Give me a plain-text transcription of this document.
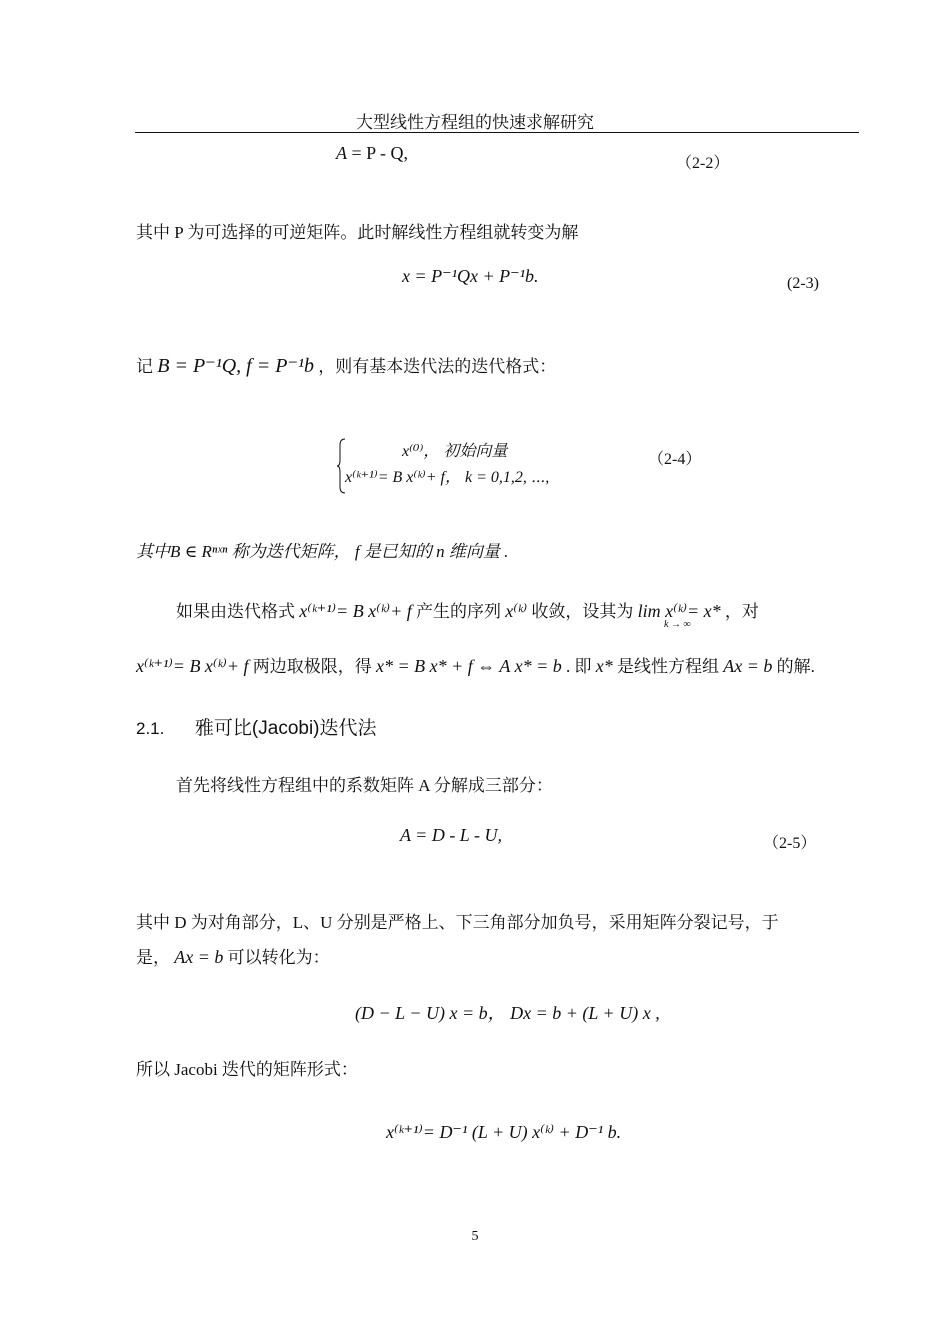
大型线性方程组的快速求解研究
A = P - Q,
（2-2）
其中 P 为可选择的可逆矩阵。此时解线性方程组就转变为解
x = P⁻¹Qx + P⁻¹b.	(2-3)
记 B = P⁻¹Q, f = P⁻¹b ，则有基本迭代法的迭代格式：
x⁽⁰⁾， 初始向量
x⁽ᵏ⁺¹⁾= B x⁽ᵏ⁾+ f， k = 0,1,2, ⋯,
（2-4）
其中B ∈ Rⁿˣⁿ 称为迭代矩阵， f 是已知的 n 维向量 .
如果由迭代格式 x⁽ᵏ⁺¹⁾= B x⁽ᵏ⁾+ f 产生的序列 x⁽ᵏ⁾ 收敛，设其为 lim x⁽ᵏ⁾= x* ，对
k → ∞
x⁽ᵏ⁺¹⁾= B x⁽ᵏ⁾+ f 两边取极限，得 x* = B x* + f ⇔ A x* = b . 即 x* 是线性方程组 Ax = b 的解.
2.1. 雅可比(Jacobi)迭代法
首先将线性方程组中的系数矩阵 A 分解成三部分：
A = D - L - U,	（2-5）
其中 D 为对角部分，L、U 分别是严格上、下三角部分加负号，采用矩阵分裂记号，于
是， Ax = b 可以转化为：
(D − L − U) x = b， Dx = b + (L + U) x ,
所以 Jacobi 迭代的矩阵形式：
x⁽ᵏ⁺¹⁾= D⁻¹ (L + U) x⁽ᵏ⁾ + D⁻¹ b.
5
